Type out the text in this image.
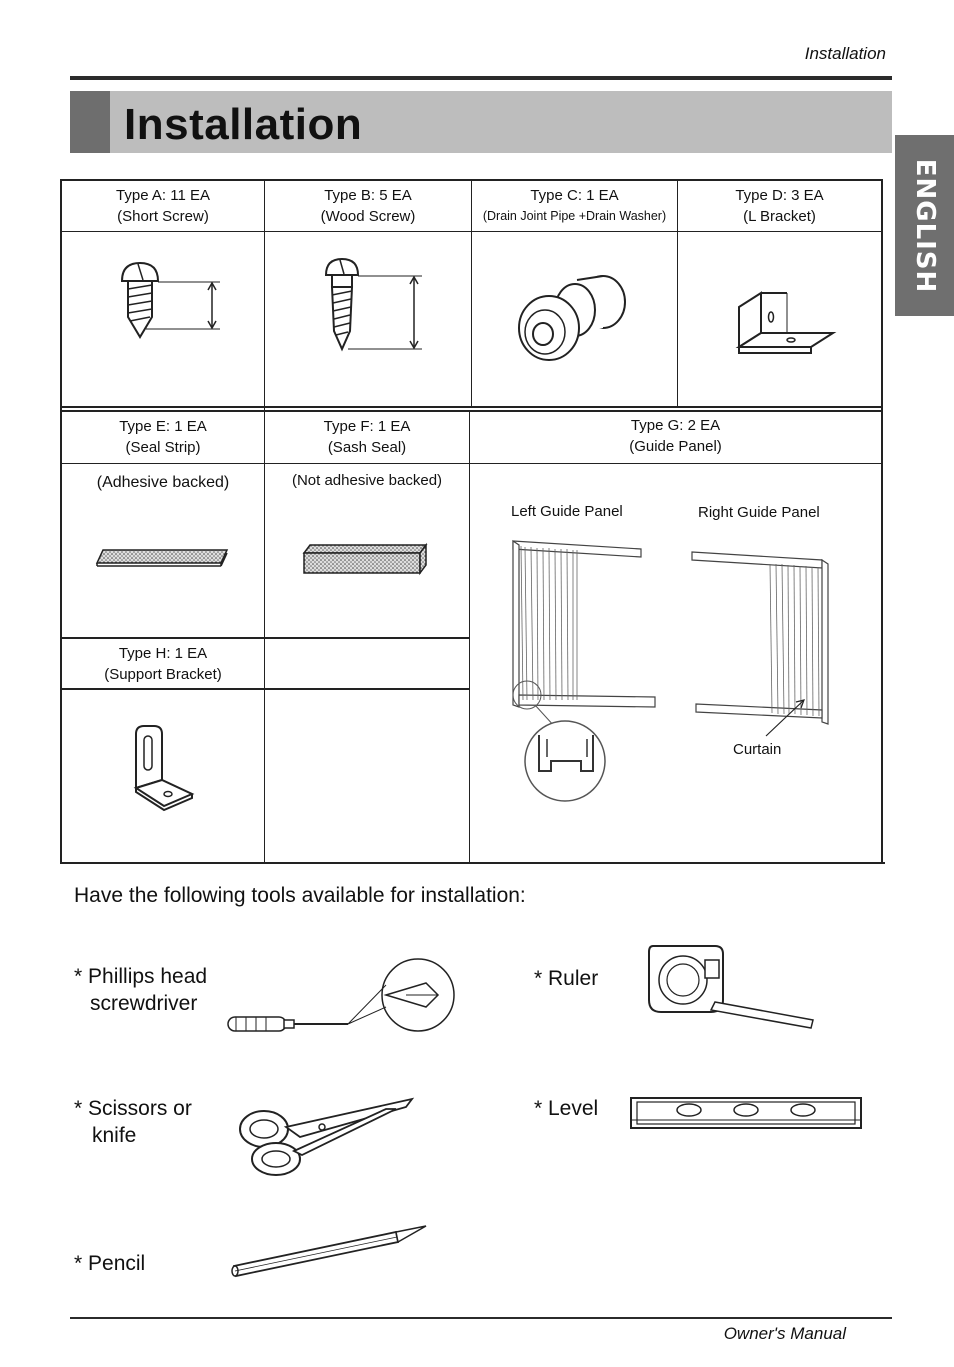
Installation
Installation
ENGLISH
Type A: 11 EA
(Short Screw)
Type B: 5 EA
(Wood Screw)
Type C: 1 EA
(Drain Joint Pipe +Drain Washer)
Type D: 3 EA
(L Bracket)
Type E: 1 EA
(Seal Strip)
Type F: 1 EA
(Sash Seal)
Type G: 2 EA
(Guide Panel)
(Adhesive backed)	(Not adhesive backed)
Left Guide Panel	Right Guide Panel
Curtain
Type H: 1 EA
(Support Bracket)
Have the following tools available for installation:
* Phillips head
screwdriver
* Ruler
* Scissors or
knife
* Level
* Pencil
Owner's Manual
